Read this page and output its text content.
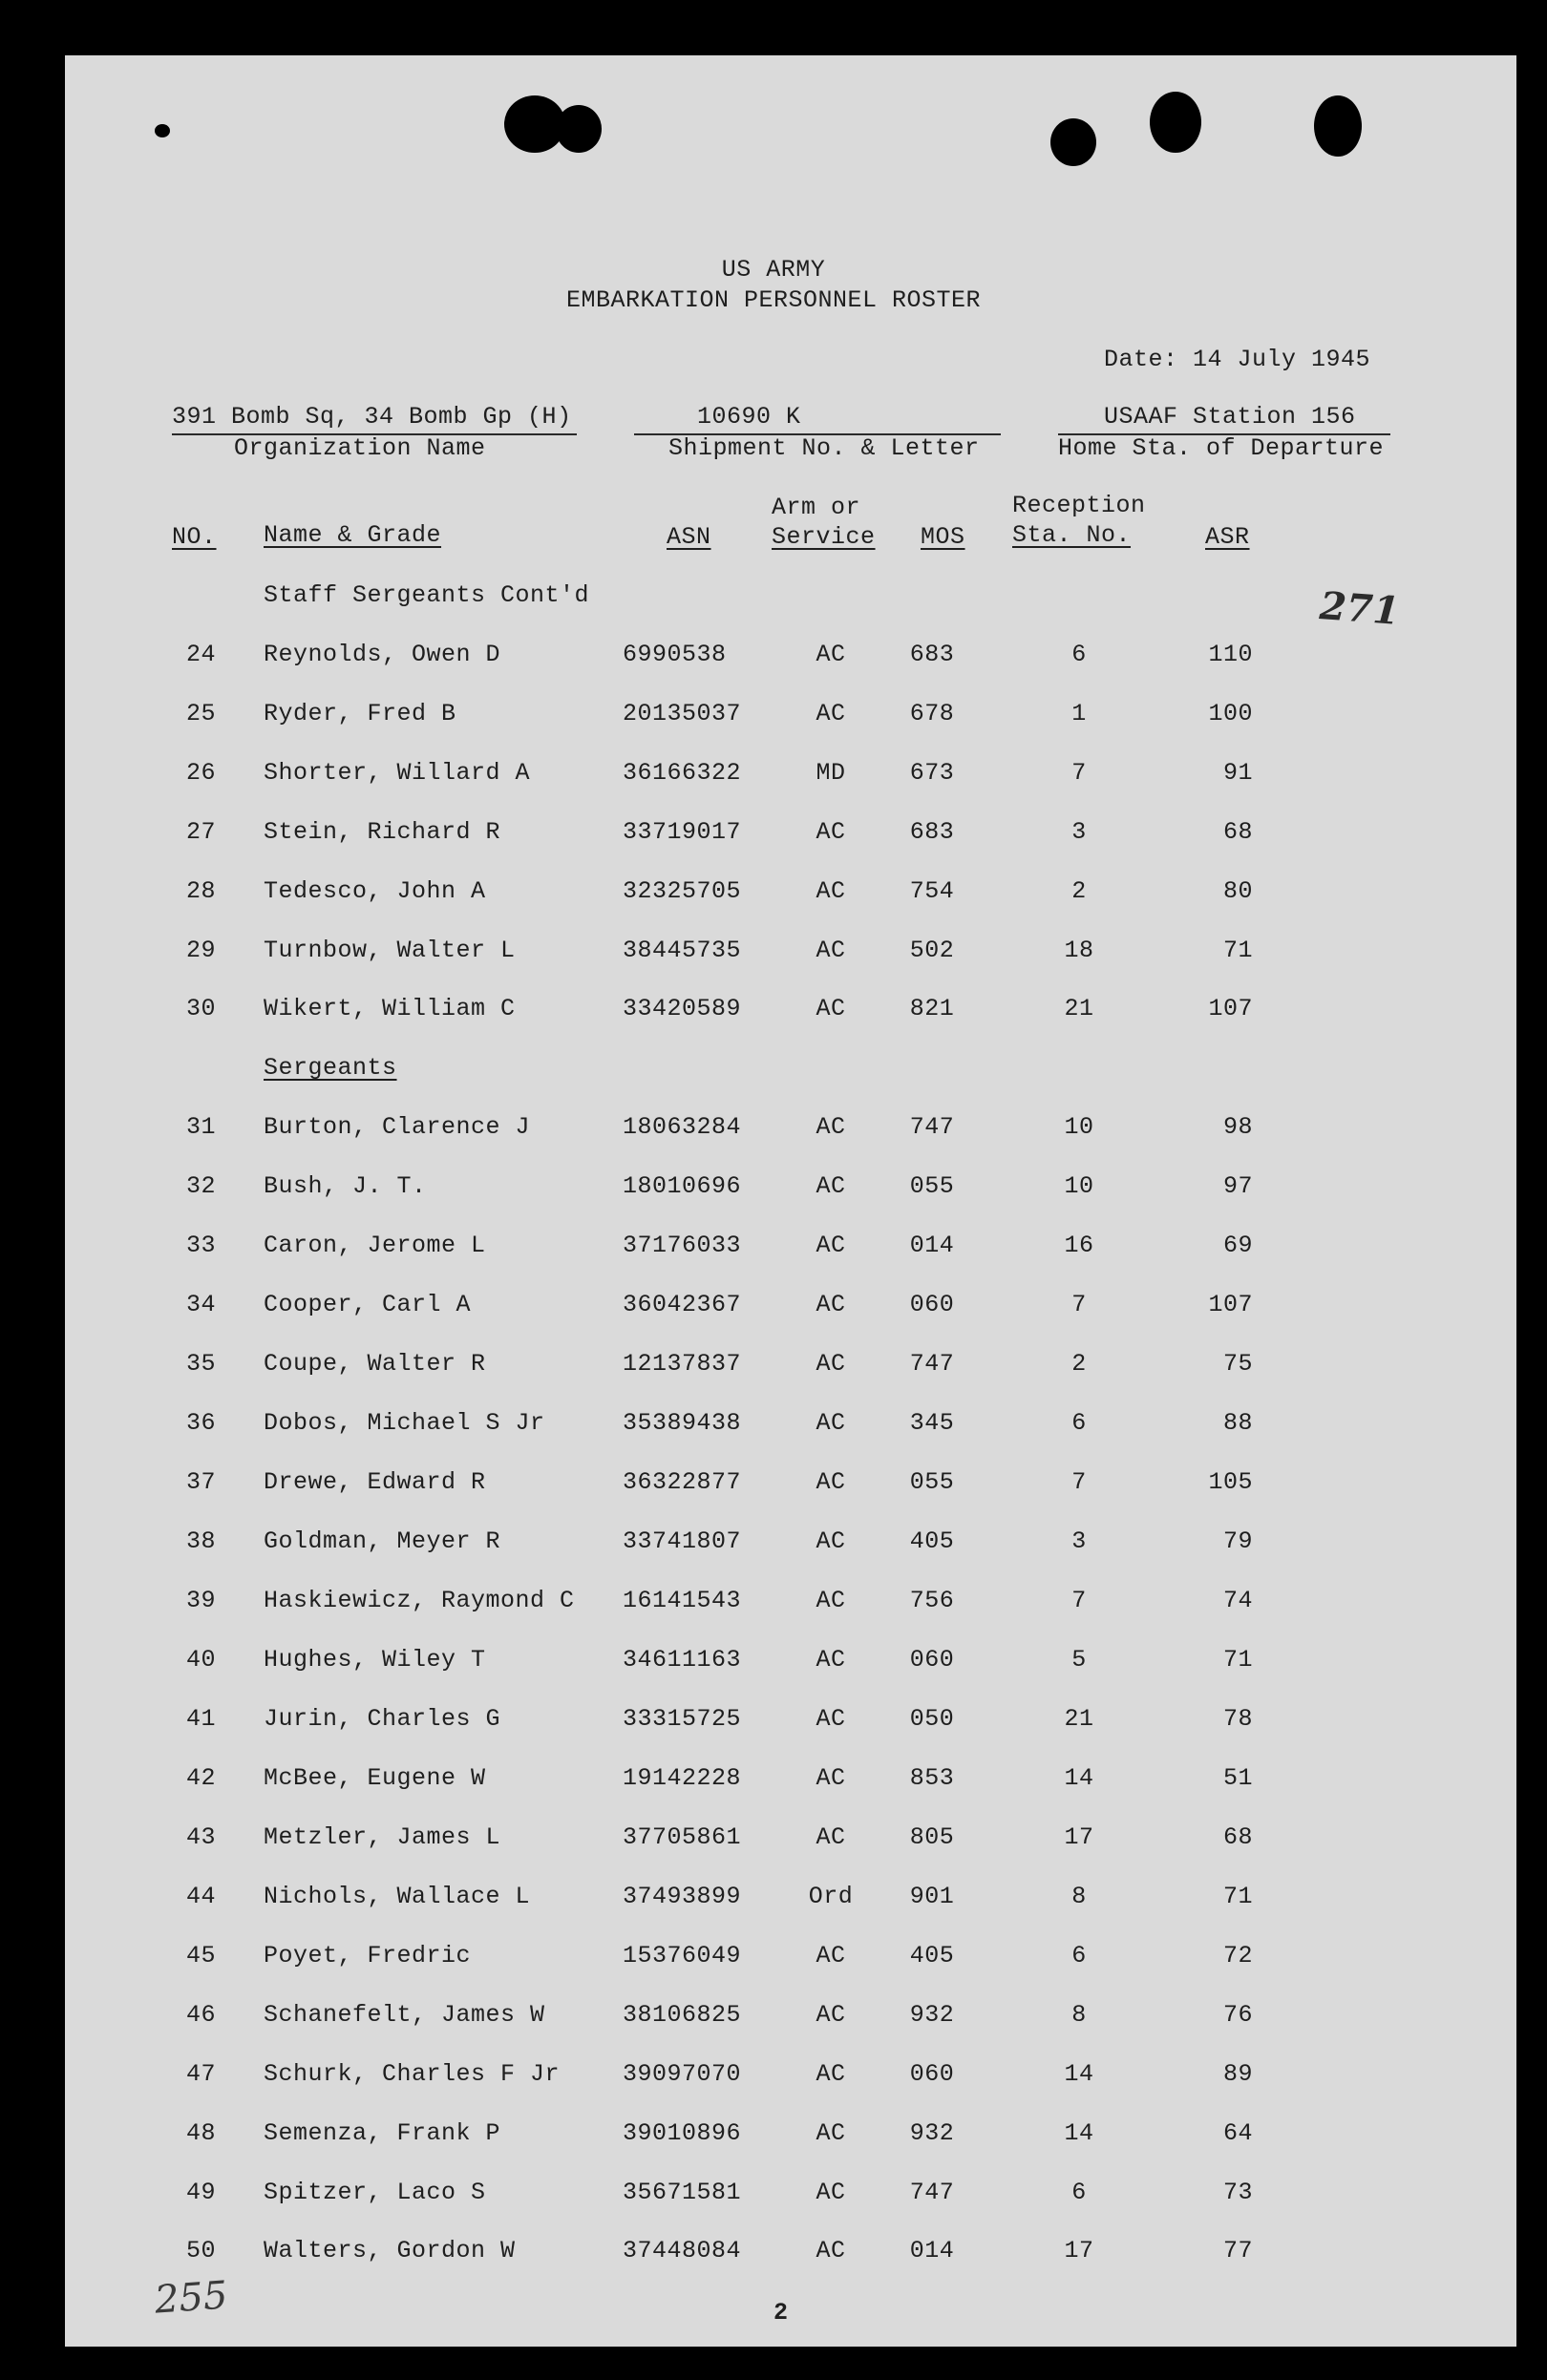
US ARMY
EMBARKATION PERSONNEL ROSTER
Date: 14 July 1945
391 Bomb Sq, 34 Bomb Gp (H)
Organization Name
10690 K
Shipment No. & Letter
USAAF Station 156
Home Sta. of Departure
NO. Name & Grade	ASN
Arm or
Service MOS
Reception
Sta. No.	ASR
Staff Sergeants Cont'd
24 Reynolds, Owen D	6990538	AC	683	6	110
25 Ryder, Fred B	20135037	AC	678	1	100
26 Shorter, Willard A	36166322	MD	673	7	91
27 Stein, Richard R	33719017	AC	683	3	68
28 Tedesco, John A	32325705	AC	754	2	80
29 Turnbow, Walter L	38445735	AC	502	18	71
30 Wikert, William C	33420589	AC	821	21	107
Sergeants
31 Burton, Clarence J	18063284	AC	747	10	98
32 Bush, J. T.	18010696	AC	055	10	97
33 Caron, Jerome L	37176033	AC	014	16	69
34 Cooper, Carl A	36042367	AC	060	7	107
35 Coupe, Walter R	12137837	AC	747	2	75
36 Dobos, Michael S Jr	35389438	AC	345	6	88
37 Drewe, Edward R	36322877	AC	055	7	105
38 Goldman, Meyer R	33741807	AC	405	3	79
39 Haskiewicz, Raymond C 16141543	AC	756	7	74
40 Hughes, Wiley T	34611163	AC	060	5	71
41 Jurin, Charles G	33315725	AC	050	21	78
42 McBee, Eugene W	19142228	AC	853	14	51
43 Metzler, James L	37705861	AC	805	17	68
44 Nichols, Wallace L	37493899	Ord	901	8	71
45 Poyet, Fredric	15376049	AC	405	6	72
46 Schanefelt, James W	38106825	AC	932	8	76
47 Schurk, Charles F Jr	39097070	AC	060	14	89
48 Semenza, Frank P	39010896	AC	932	14	64
49 Spitzer, Laco S	35671581	AC	747	6	73
50 Walters, Gordon W	37448084	AC	014	17	77
271
255	2
